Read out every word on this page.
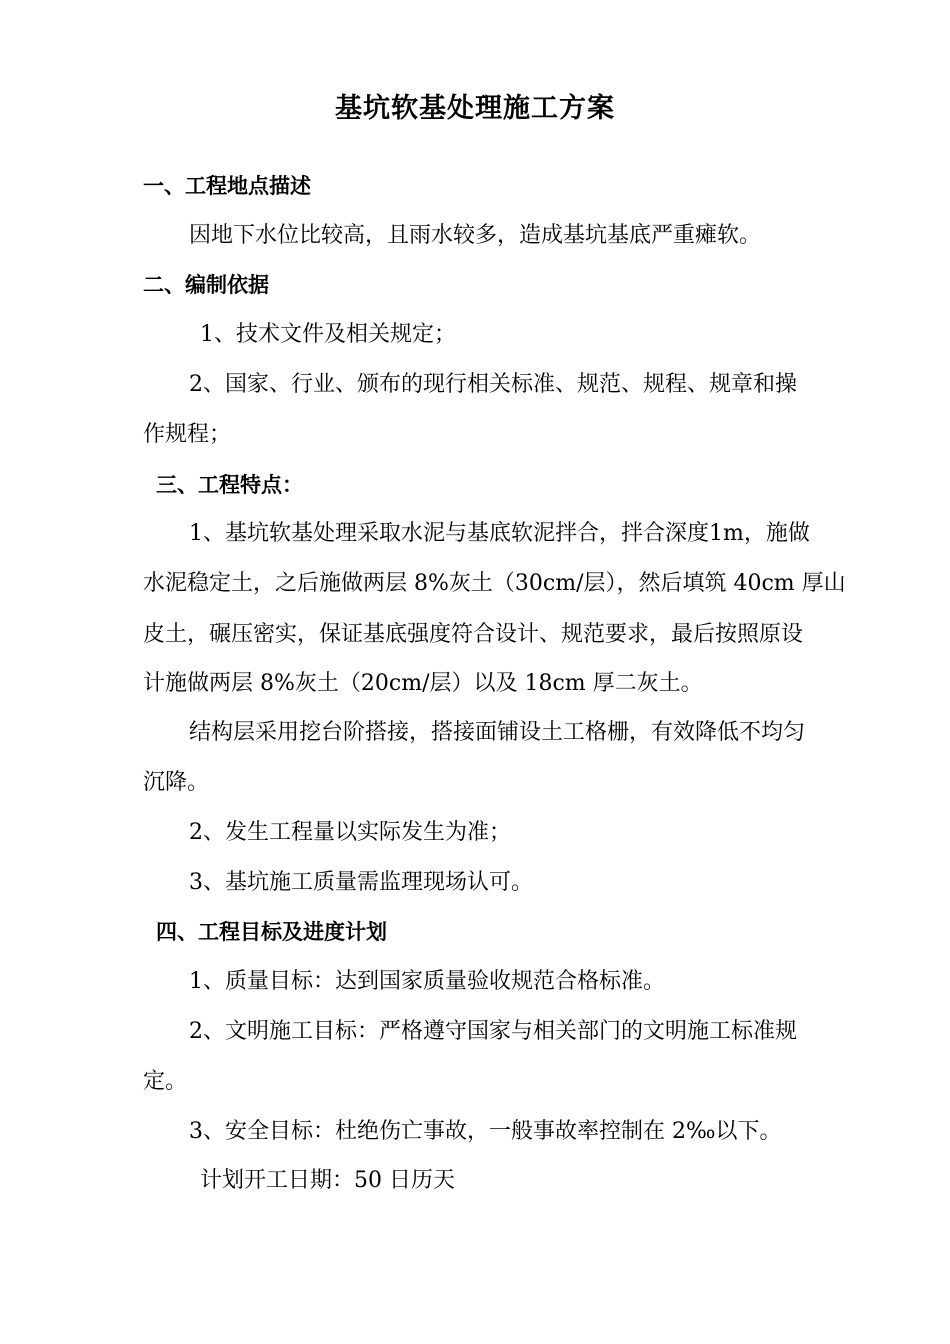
基坑软基处理施工方案
一、工程地点描述
因地下水位比较高，且雨水较多，造成基坑基底严重瘫软。
二、编制依据
1、技术文件及相关规定；
2、国家、行业、颁布的现行相关标准、规范、规程、规章和操
作规程；
三、工程特点：
1、基坑软基处理采取水泥与基底软泥拌合，拌合深度1m，施做
水泥稳定土，之后施做两层 8%灰土（30cm/层），然后填筑 40cm 厚山
皮土，碾压密实，保证基底强度符合设计、规范要求，最后按照原设
计施做两层 8%灰土（20cm/层）以及 18cm 厚二灰土。
结构层采用挖台阶搭接，搭接面铺设土工格栅，有效降低不均匀
沉降。
2、发生工程量以实际发生为准；
3、基坑施工质量需监理现场认可。
四、工程目标及进度计划
1、质量目标：达到国家质量验收规范合格标准。
2、文明施工目标：严格遵守国家与相关部门的文明施工标准规
定。
3、安全目标：杜绝伤亡事故，一般事故率控制在 2‰以下。
计划开工日期：50 日历天
